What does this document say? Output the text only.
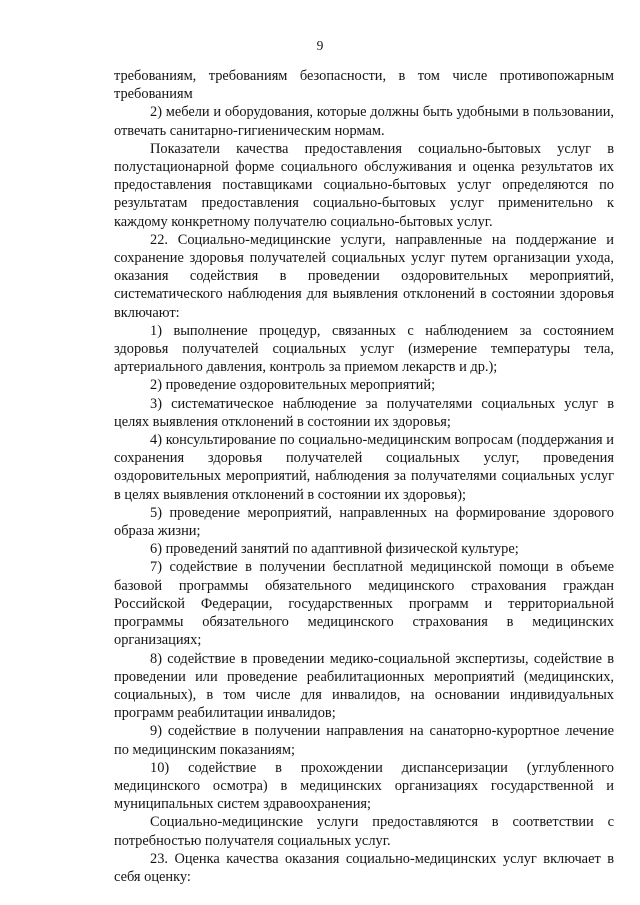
9

требованиям, требованиям безопасности, в том числе противопожарным требованиям

2) мебели и оборудования, которые должны быть удобными в пользовании, отвечать санитарно-гигиеническим нормам.

Показатели качества предоставления социально-бытовых услуг в полустационарной форме социального обслуживания и оценка результатов их предоставления поставщиками социально-бытовых услуг определяются по результатам предоставления социально-бытовых услуг применительно к каждому конкретному получателю социально-бытовых услуг.

22. Социально-медицинские услуги, направленные на поддержание и сохранение здоровья получателей социальных услуг путем организации ухода, оказания содействия в проведении оздоровительных мероприятий, систематического наблюдения для выявления отклонений в состоянии здоровья включают:

1) выполнение процедур, связанных с наблюдением за состоянием здоровья получателей социальных услуг (измерение температуры тела, артериального давления, контроль за приемом лекарств и др.);

2) проведение оздоровительных мероприятий;

3) систематическое наблюдение за получателями социальных услуг в целях выявления отклонений в состоянии их здоровья;

4) консультирование по социально-медицинским вопросам (поддержания и сохранения здоровья получателей социальных услуг, проведения оздоровительных мероприятий, наблюдения за получателями социальных услуг в целях выявления отклонений в состоянии их здоровья);

5) проведение мероприятий, направленных на формирование здорового образа жизни;

6) проведений занятий по адаптивной физической культуре;

7) содействие в получении бесплатной медицинской помощи в объеме базовой программы обязательного медицинского страхования граждан Российской Федерации, государственных программ и территориальной программы обязательного медицинского страхования в медицинских организациях;

8) содействие в проведении медико-социальной экспертизы, содействие в проведении или проведение реабилитационных мероприятий (медицинских, социальных), в том числе для инвалидов, на основании индивидуальных программ реабилитации инвалидов;

9) содействие в получении направления на санаторно-курортное лечение по медицинским показаниям;

10) содействие в прохождении диспансеризации (углубленного медицинского осмотра) в медицинских организациях государственной и муниципальных систем здравоохранения;

Социально-медицинские услуги предоставляются в соответствии с потребностью получателя социальных услуг.

23. Оценка качества оказания социально-медицинских услуг включает в себя оценку:
